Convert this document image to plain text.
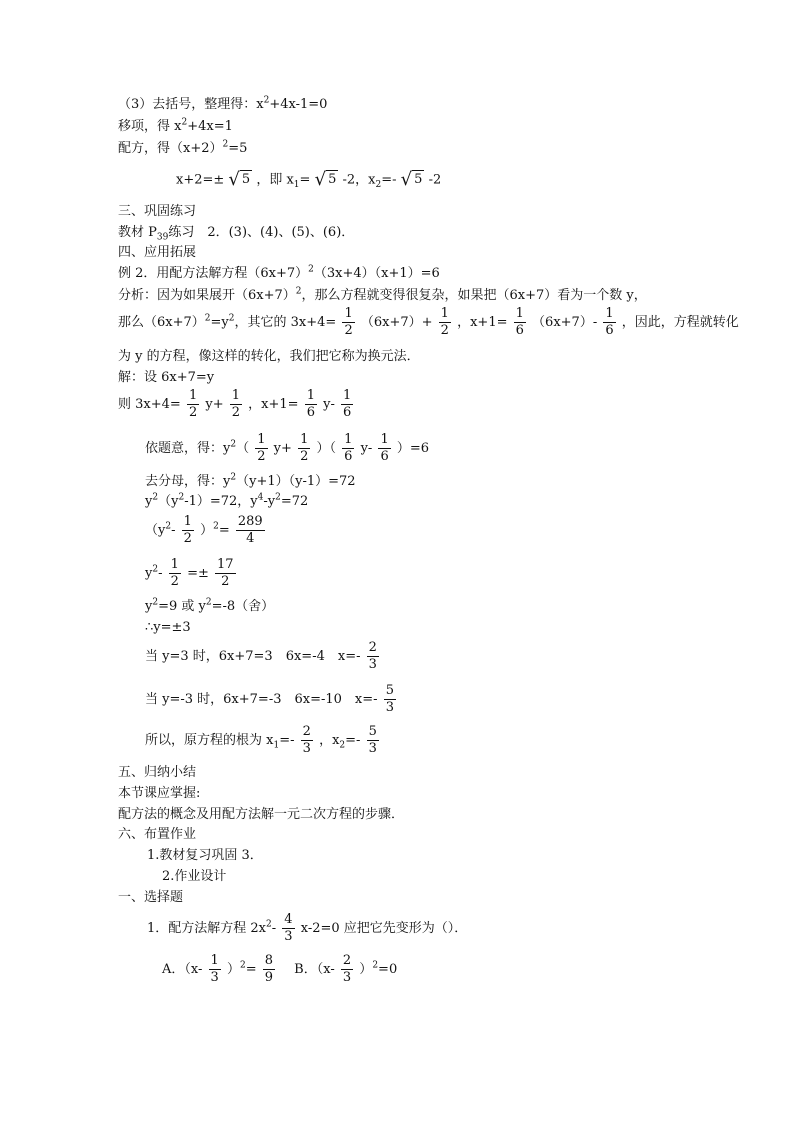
（3）去括号，整理得：$x^2+4x-1=0$
移项，得 $x^2+4x=1$
配方，得$(x+2)^2=5$
x+2=± √ 5 ，即 $x_1=$ √ 5 -2，$x_2=-$ √ 5 -2
三、巩固练习
教材 $P_{39}$练习　2．(3)、(4)、(5)、(6)．
四、应用拓展
例 2．用配方法解方程$(6x+7)^2(3x+4)(x+1)=6$
分析：因为如果展开$(6x+7)^2$，那么方程就变得很复杂，如果把（6x+7）看为一个数 y，
那么$(6x+7)^2=y^2$，其它的 $3x+4= \frac{1}{2} (6x+7)+ \frac{1}{2}$ ，$x+1= \frac{1}{6} (6x+7)- \frac{1}{6}$ ，因此，方程就转化
为 y 的方程，像这样的转化，我们把它称为换元法．
解：设 6x+7=y
则 $3x+4= \frac{1}{2} y+ \frac{1}{2}$ ，$x+1= \frac{1}{6} y- \frac{1}{6}$
依题意，得：$y^2( \frac{1}{2} y+ \frac{1}{2}$ ）（ $\frac{1}{6} y- \frac{1}{6} )=6$
去分母，得：$y^2(y+1)(y-1)=72$
$y^2(y^2-1)=72$，$y^4-y^2=72$
$(y^2- \frac{1}{2} )^2= \frac{289}{4}$
$y^2- \frac{1}{2} =\pm \frac{17}{2}$
$y^2=9$ 或 $y^2=-8$（舍）
∴y=±3
当 y=3 时，6x+7=3　6x=-4　$x=- \frac{2}{3}$
当 y=-3 时，6x+7=-3　6x=-10　$x=- \frac{5}{3}$
所以，原方程的根为 $x_1=- \frac{2}{3}$ ，$x_2=- \frac{5}{3}$
五、归纳小结
本节课应掌握:
配方法的概念及用配方法解一元二次方程的步骤．
六、布置作业
1.教材复习巩固 3．
2.作业设计
一、选择题
1．配方法解方程 $2x^2- \frac{4}{3} x-2=0$ 应把它先变形为（）．
A．$(x- \frac{1}{3} )^2= \frac{8}{9}$ 　B．$(x- \frac{2}{3} )^2=0$
